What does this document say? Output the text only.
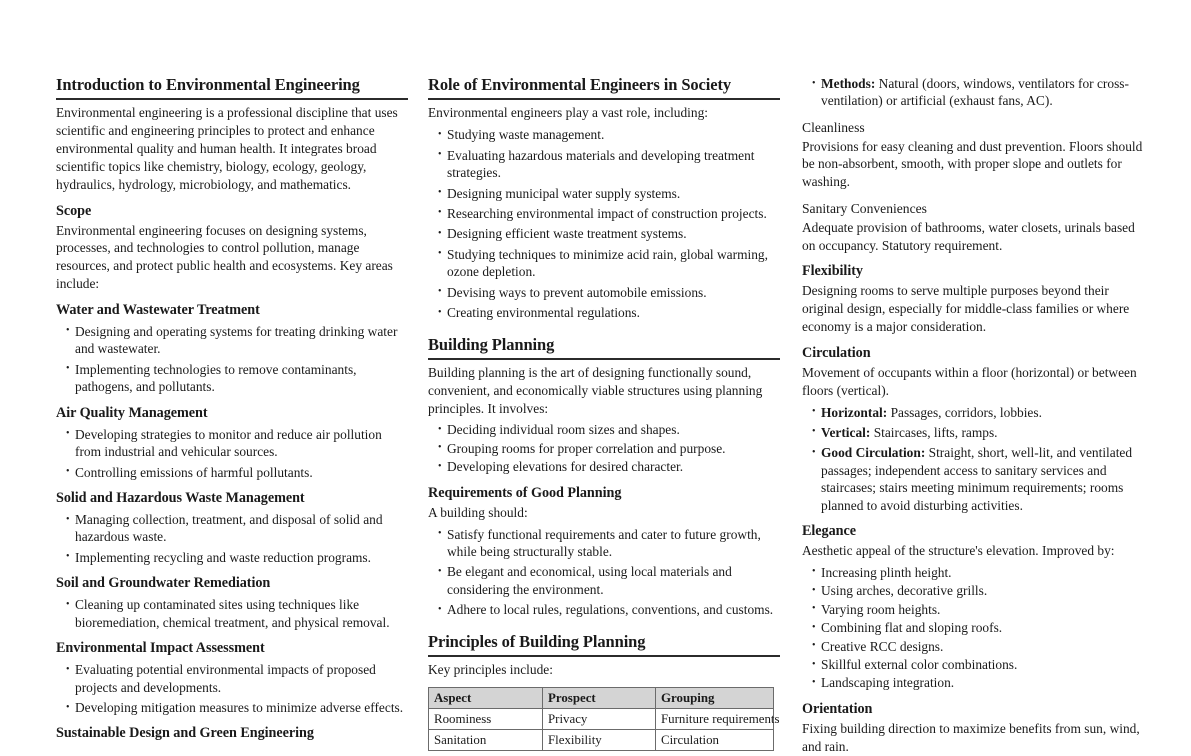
Introduction to Environmental Engineering

Environmental engineering is a professional discipline that uses scientific and engineering principles to protect and enhance environmental quality and human health. It integrates broad scientific topics like chemistry, biology, ecology, geology, hydraulics, hydrology, microbiology, and mathematics.

Scope

Environmental engineering focuses on designing systems, processes, and technologies to control pollution, manage resources, and protect public health and ecosystems. Key areas include:

Water and Wastewater Treatment
• Designing and operating systems for treating drinking water and wastewater.
• Implementing technologies to remove contaminants, pathogens, and pollutants.
Air Quality Management
• Developing strategies to monitor and reduce air pollution from industrial and vehicular sources.
• Controlling emissions of harmful pollutants.
Solid and Hazardous Waste Management
• Managing collection, treatment, and disposal of solid and hazardous waste.
• Implementing recycling and waste reduction programs.
Soil and Groundwater Remediation
• Cleaning up contaminated sites using techniques like bioremediation, chemical treatment, and physical removal.
Environmental Impact Assessment
• Evaluating potential environmental impacts of proposed projects and developments.
• Developing mitigation measures to minimize adverse effects.
Sustainable Design and Green Engineering
Role of Environmental Engineers in Society

Environmental engineers play a vast role, including:

• Studying waste management.
• Evaluating hazardous materials and developing treatment strategies.
• Designing municipal water supply systems.
• Researching environmental impact of construction projects.
• Designing efficient waste treatment systems.
• Studying techniques to minimize acid rain, global warming, ozone depletion.
• Devising ways to prevent automobile emissions.
• Creating environmental regulations.
Building Planning

Building planning is the art of designing functionally sound, convenient, and economically viable structures using planning principles. It involves:

• Deciding individual room sizes and shapes.
• Grouping rooms for proper correlation and purpose.
• Developing elevations for desired character.
Requirements of Good Planning

A building should:

• Satisfy functional requirements and cater to future growth, while being structurally stable.
• Be elegant and economical, using local materials and considering the environment.
• Adhere to local rules, regulations, conventions, and customs.
Principles of Building Planning

Key principles include:

Aspect	Prospect	Grouping
Roominess	Privacy	Furniture requirements
Sanitation	Flexibility	Circulation
• Methods: Natural (doors, windows, ventilators for cross-ventilation) or artificial (exhaust fans, AC).
Cleanliness

Provisions for easy cleaning and dust prevention. Floors should be non-absorbent, smooth, with proper slope and outlets for washing.

Sanitary Conveniences

Adequate provision of bathrooms, water closets, urinals based on occupancy. Statutory requirement.

Flexibility

Designing rooms to serve multiple purposes beyond their original design, especially for middle-class families or where economy is a major consideration.

Circulation

Movement of occupants within a floor (horizontal) or between floors (vertical).

• Horizontal: Passages, corridors, lobbies.
• Vertical: Staircases, lifts, ramps.
• Good Circulation: Straight, short, well-lit, and ventilated passages; independent access to sanitary services and staircases; stairs meeting minimum requirements; rooms planned to avoid disturbing activities.
Elegance

Aesthetic appeal of the structure's elevation. Improved by:

• Increasing plinth height.
• Using arches, decorative grills.
• Varying room heights.
• Combining flat and sloping roofs.
• Creative RCC designs.
• Skillful external color combinations.
• Landscaping integration.
Orientation

Fixing building direction to maximize benefits from sun, wind, and rain.
